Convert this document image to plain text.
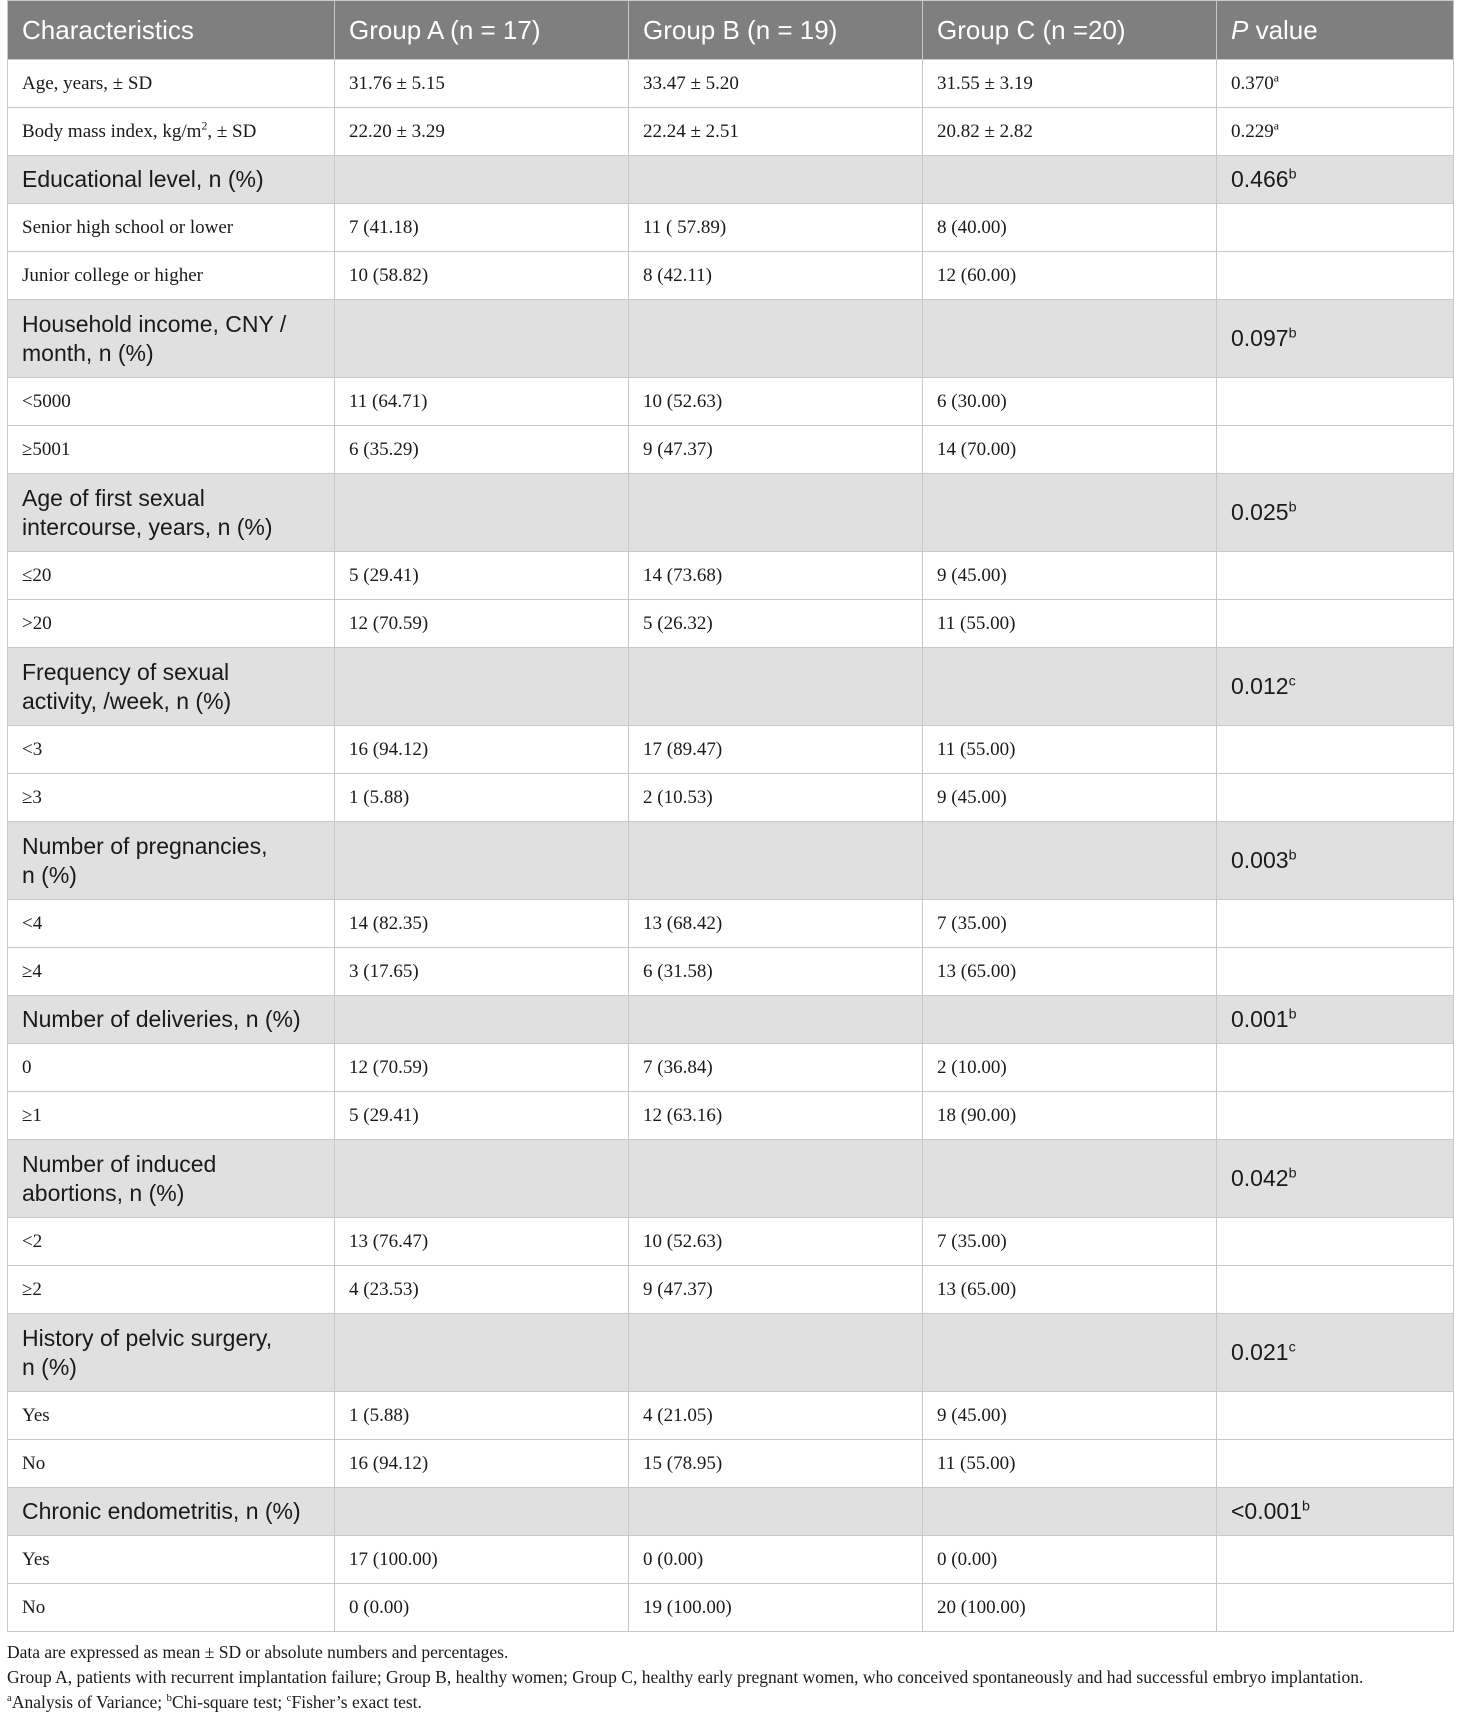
Characteristics	Group A (n = 17)	Group B (n = 19)	Group C (n =20)	P value
Age, years, ± SD	31.76 ± 5.15	33.47 ± 5.20	31.55 ± 3.19	0.370$^a$
Body mass index, $kg/m^2$, ± SD	22.20 ± 3.29	22.24 ± 2.51	20.82 ± 2.82	0.229$^a$
Educational level, n (%)				0.466$^b$
Senior high school or lower	7 (41.18)	11 ( 57.89)	8 (40.00)	
Junior college or higher	10 (58.82)	8 (42.11)	12 (60.00)	
Household income, CNY /
month, n (%)				0.097$^b$
<5000	11 (64.71)	10 (52.63)	6 (30.00)	
≥5001	6 (35.29)	9 (47.37)	14 (70.00)	
Age of first sexual
intercourse, years, n (%)				0.025$^b$
≤20	5 (29.41)	14 (73.68)	9 (45.00)	
>20	12 (70.59)	5 (26.32)	11 (55.00)	
Frequency of sexual
activity, /week, n (%)				0.012$^c$
<3	16 (94.12)	17 (89.47)	11 (55.00)	
≥3	1 (5.88)	2 (10.53)	9 (45.00)	
Number of pregnancies,
n (%)				0.003$^b$
<4	14 (82.35)	13 (68.42)	7 (35.00)	
≥4	3 (17.65)	6 (31.58)	13 (65.00)	
Number of deliveries, n (%)				0.001$^b$
0	12 (70.59)	7 (36.84)	2 (10.00)	
≥1	5 (29.41)	12 (63.16)	18 (90.00)	
Number of induced
abortions, n (%)				0.042$^b$
<2	13 (76.47)	10 (52.63)	7 (35.00)	
≥2	4 (23.53)	9 (47.37)	13 (65.00)	
History of pelvic surgery,
n (%)				0.021$^c$
Yes	1 (5.88)	4 (21.05)	9 (45.00)	
No	16 (94.12)	15 (78.95)	11 (55.00)	
Chronic endometritis, n (%)				<0.001$^b$
Yes	17 (100.00)	0 (0.00)	0 (0.00)	
No	0 (0.00)	19 (100.00)	20 (100.00)	

Data are expressed as mean ± SD or absolute numbers and percentages.

Group A, patients with recurrent implantation failure; Group B, healthy women; Group C, healthy early pregnant women, who conceived spontaneously and had successful embryo implantation.

$^a$Analysis of Variance; $^b$Chi-square test; $^c$Fisher’s exact test.
